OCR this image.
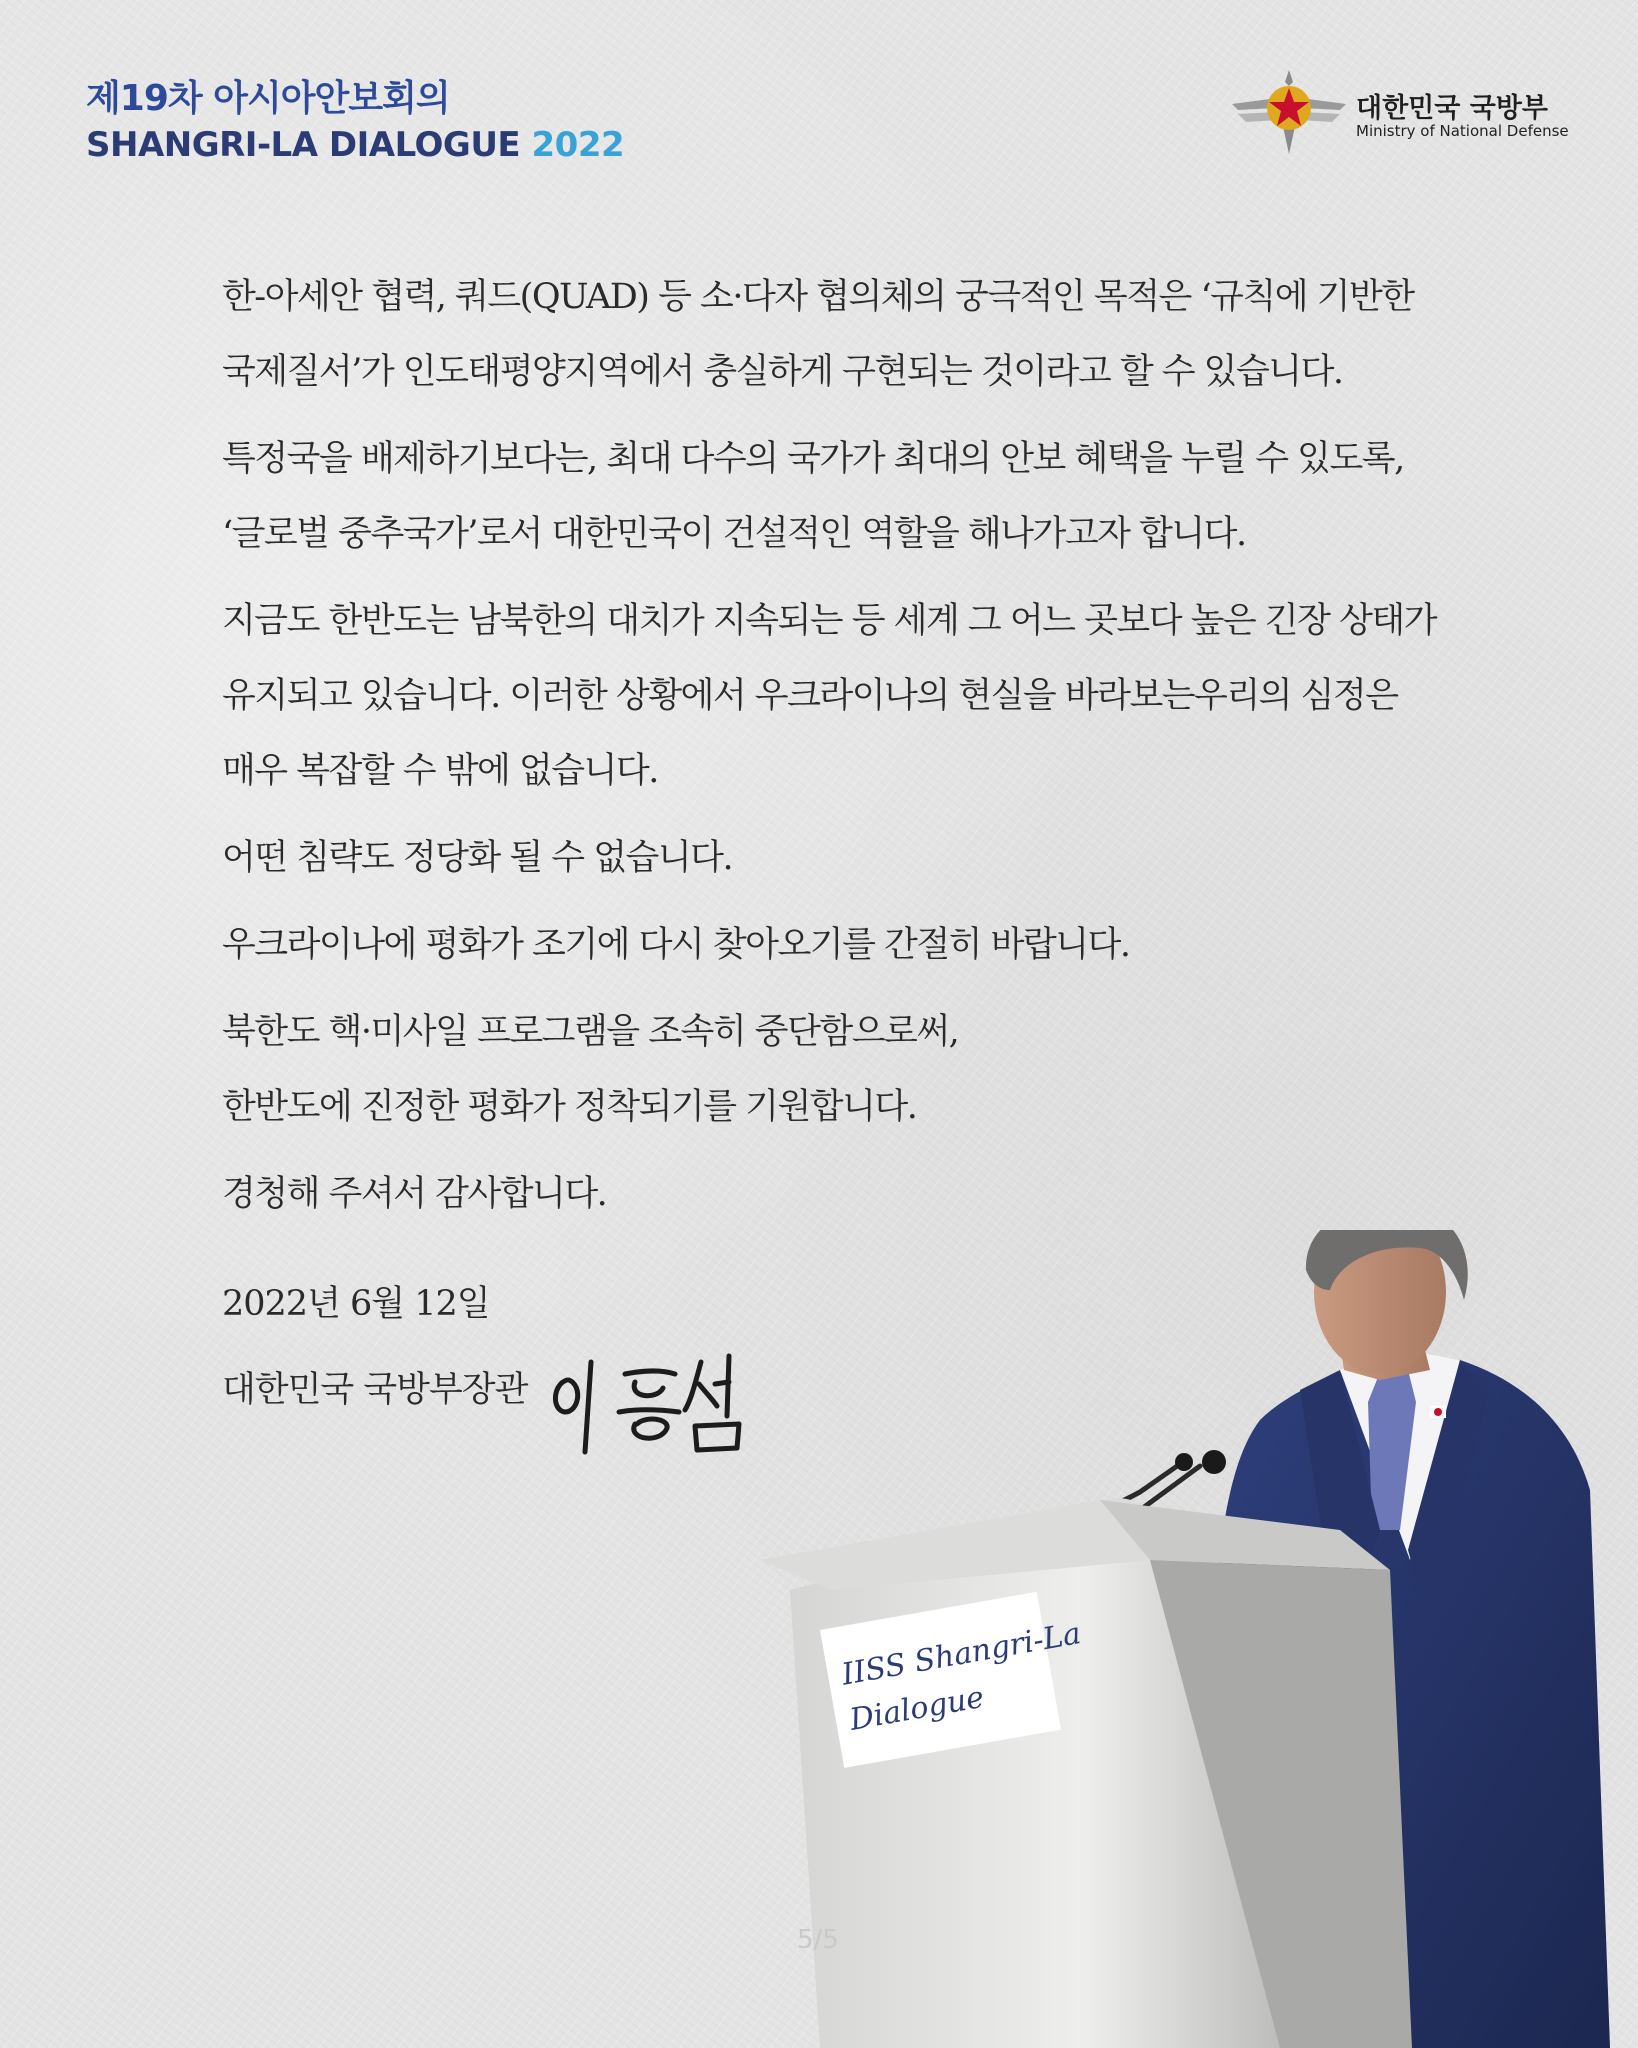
제19차 아시아안보회의
SHANGRI-LA DIALOGUE 2022
대한민국 국방부
Ministry of National Defense

한-아세안 협력, 쿼드(QUAD) 등 소·다자 협의체의 궁극적인 목적은 ‘규칙에 기반한
국제질서’가 인도태평양지역에서 충실하게 구현되는 것이라고 할 수 있습니다.

특정국을 배제하기보다는, 최대 다수의 국가가 최대의 안보 혜택을 누릴 수 있도록,
‘글로벌 중추국가’로서 대한민국이 건설적인 역할을 해나가고자 합니다.

지금도 한반도는 남북한의 대치가 지속되는 등 세계 그 어느 곳보다 높은 긴장 상태가
유지되고 있습니다. 이러한 상황에서 우크라이나의 현실을 바라보는우리의 심정은
매우 복잡할 수 밖에 없습니다.

어떤 침략도 정당화 될 수 없습니다.

우크라이나에 평화가 조기에 다시 찾아오기를 간절히 바랍니다.

북한도 핵·미사일 프로그램을 조속히 중단함으로써,
한반도에 진정한 평화가 정착되기를 기원합니다.

경청해 주셔서 감사합니다.

2022년 6월 12일
대한민국 국방부장관
IISS Shangri-La
Dialogue
5/5
